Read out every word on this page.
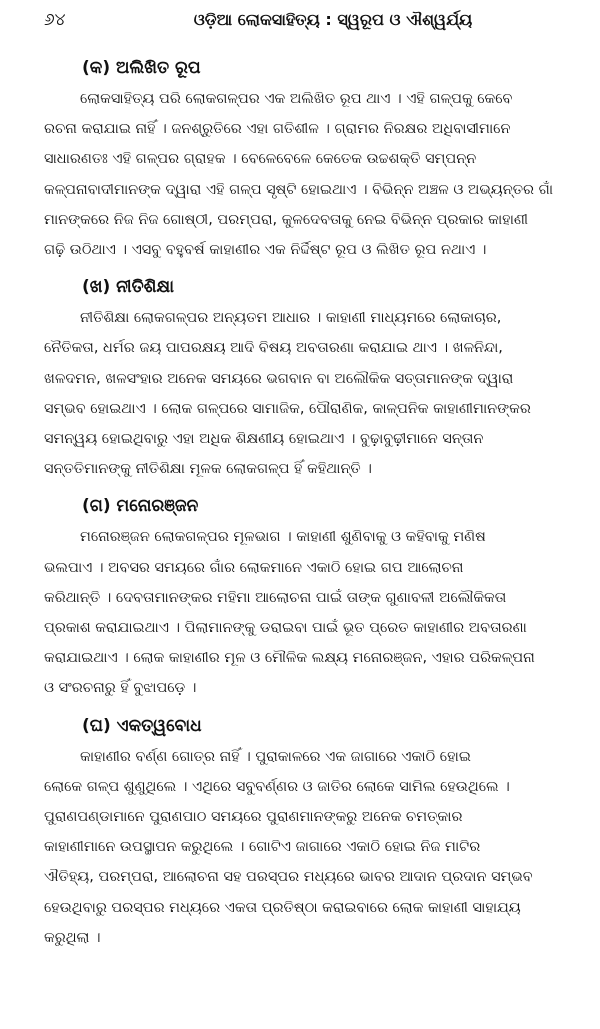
୬୪	ଓଡ଼ିଆ ଲୋକସାହିତ୍ୟ : ସ୍ୱରୂପ ଓ ଐଶ୍ୱର୍ଯ୍ୟ
(କ) ଅଲିଖିତ ରୂପ
ଲୋକସାହିତ୍ୟ ପରି ଲୋକଗଳ୍ପର ଏକ ଅଲିଖିତ ରୂପ ଥାଏ । ଏହି ଗଳ୍ପକୁ କେବେ
ରଚନା କରାଯାଇ ନାହିଁ । ଜନଶ୍ରୁତିରେ ଏହା ଗତିଶୀଳ । ଗ୍ରାମର ନିରକ୍ଷର ଅଧିବାସୀମାନେ
ସାଧାରଣତଃ ଏହି ଗଳ୍ପର ଗ୍ରାହକ । ବେଳେବେଳେ କେତେକ ଉଚ୍ଚଶକ୍ତି ସମ୍ପନ୍ନ
କଳ୍ପନାବାଦୀମାନଙ୍କ ଦ୍ୱାରା ଏହି ଗଳ୍ପ ସୃଷ୍ଟି ହୋଇଥାଏ । ବିଭିନ୍ନ ଅଞ୍ଚଳ ଓ ଅଭ୍ୟନ୍ତର ଗାଁ
ମାନଙ୍କରେ ନିଜ ନିଜ ଗୋଷ୍ଠୀ, ପରମ୍ପରା, କୁଳଦେବତାକୁ ନେଇ ବିଭିନ୍ନ ପ୍ରକାର କାହାଣୀ
ଗଢ଼ି ଉଠିଥାଏ । ଏସବୁ ବହୁବର୍ଷ କାହାଣୀର ଏକ ନିର୍ଦ୍ଦିଷ୍ଟ ରୂପ ଓ ଲିଖିତ ରୂପ ନଥାଏ ।
(ଖ) ନୀତିଶିକ୍ଷା
ନୀତିଶିକ୍ଷା ଲୋକଗଳ୍ପର ଅନ୍ୟତମ ଆଧାର । କାହାଣୀ ମାଧ୍ୟମରେ ଲୋକାଚାର,
ନୈତିକତା, ଧର୍ମର ଜୟ ପାପରକ୍ଷୟ ଆଦି ବିଷୟ ଅବତାରଣା କରାଯାଇ ଥାଏ । ଖଳନିନ୍ଦା,
ଖଳଦମନ, ଖଳସଂହାର ଅନେକ ସମୟରେ ଭଗବାନ ବା ଅଲୌକିକ ସତ୍ତାମାନଙ୍କ ଦ୍ୱାରା
ସମ୍ଭବ ହୋଇଥାଏ । ଲୋକ ଗଳ୍ପରେ ସାମାଜିକ, ପୌରାଣିକ, କାଳ୍ପନିକ କାହାଣୀମାନଙ୍କର
ସମନ୍ୱୟ ହୋଇଥିବାରୁ ଏହା ଅଧିକ ଶିକ୍ଷଣୀୟ ହୋଇଥାଏ । ବୁଢ଼ାବୁଢ଼ୀମାନେ ସନ୍ତାନ
ସନ୍ତତିମାନଙ୍କୁ ନୀତିଶିକ୍ଷା ମୂଳକ ଲୋକଗଳ୍ପ ହିଁ କହିଥାନ୍ତି ।
(ଗ) ମନୋରଞ୍ଜନ
ମନୋରଞ୍ଜନ ଲୋକଗଳ୍ପର ମୂଳଭାଗ । କାହାଣୀ ଶୁଣିବାକୁ ଓ କହିବାକୁ ମଣିଷ
ଭଲପାଏ । ଅବସର ସମୟରେ ଗାଁର ଲୋକମାନେ ଏକାଠି ହୋଇ ଗପ ଆଲୋଚନା
କରିଥାନ୍ତି । ଦେବତାମାନଙ୍କର ମହିମା ଆଲୋଚନା ପାଇଁ ତାଙ୍କ ଗୁଣାବଳୀ ଅଲୌକିକତା
ପ୍ରକାଶ କରାଯାଇଥାଏ । ପିଲାମାନଙ୍କୁ ଡରାଇବା ପାଇଁ ଭୂତ ପ୍ରେତ କାହାଣୀର ଅବତାରଣା
କରାଯାଇଥାଏ । ଲୋକ କାହାଣୀର ମୂଳ ଓ ମୌଳିକ ଲକ୍ଷ୍ୟ ମନୋରଞ୍ଜନ, ଏହାର ପରିକଳ୍ପନା
ଓ ସଂରଚନାରୁ ହିଁ ବୁଝାପଡ଼େ ।
(ଘ) ଏକତ୍ୱବୋଧ
କାହାଣୀର ବର୍ଣ୍ଣ ଗୋତ୍ର ନାହିଁ । ପୁରାକାଳରେ ଏକ ଜାଗାରେ ଏକାଠି ହୋଇ
ଲୋକେ ଗଳ୍ପ ଶୁଣୁଥିଲେ । ଏଥିରେ ସବୁବର୍ଣ୍ଣର ଓ ଜାତିର ଲୋକେ ସାମିଲ ହେଉଥିଲେ ।
ପୁରାଣପଣ୍ଡାମାନେ ପୁରାଣପାଠ ସମୟରେ ପୁରାଣମାନଙ୍କରୁ ଅନେକ ଚମତ୍କାର
କାହାଣୀମାନେ ଉପସ୍ଥାପନ କରୁଥିଲେ । ଗୋଟିଏ ଜାଗାରେ ଏକାଠି ହୋଇ ନିଜ ମାଟିର
ଐତିହ୍ୟ, ପରମ୍ପରା, ଆଲୋଚନା ସହ ପରସ୍ପର ମଧ୍ୟରେ ଭାବର ଆଦାନ ପ୍ରଦାନ ସମ୍ଭବ
ହେଉଥିବାରୁ ପରସ୍ପର ମଧ୍ୟରେ ଏକତା ପ୍ରତିଷ୍ଠା କରାଇବାରେ ଲୋକ କାହାଣୀ ସାହାଯ୍ୟ
କରୁଥିଲା ।
